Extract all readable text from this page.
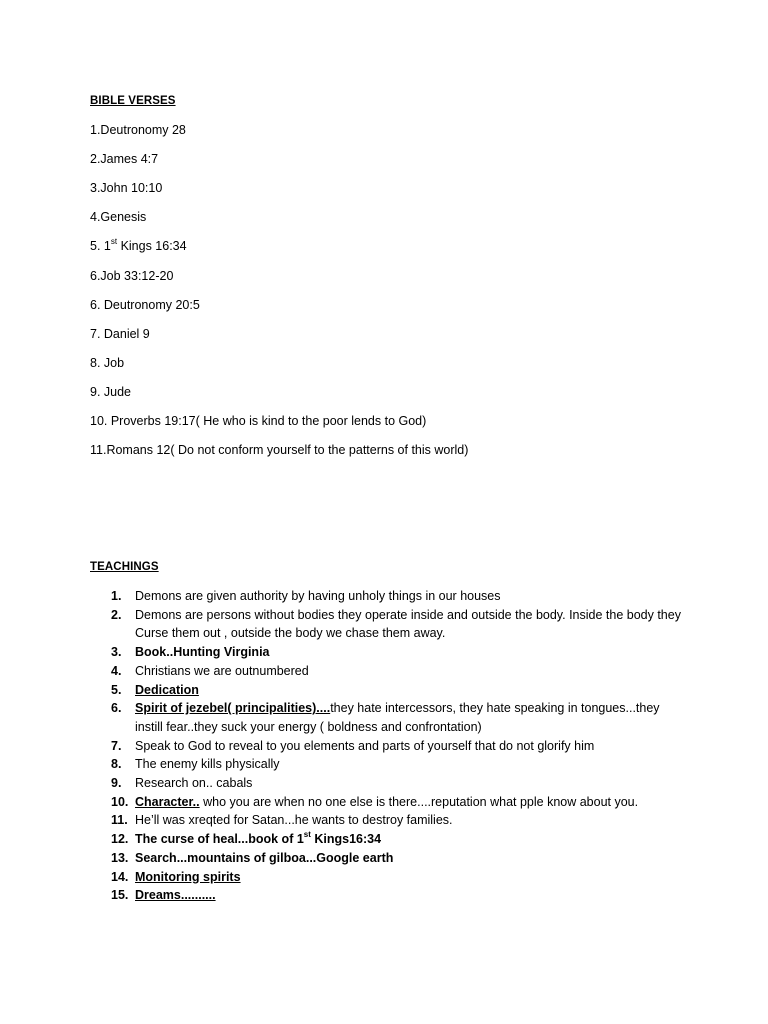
BIBLE VERSES
1.Deutronomy 28
2.James 4:7
3.John 10:10
4.Genesis
5. 1st Kings 16:34
6.Job 33:12-20
6. Deutronomy 20:5
7. Daniel 9
8. Job
9. Jude
10. Proverbs 19:17( He who is kind to the poor lends to God)
11.Romans 12( Do not conform yourself to the patterns of this world)
TEACHINGS
1. Demons are given authority by having unholy things in our houses
2. Demons are persons without bodies they operate inside and outside the body. Inside the body they Curse them out , outside the body we chase them away.
3. Book..Hunting Virginia
4. Christians we are outnumbered
5. Dedication
6. Spirit of jezebel( principalities)....they hate intercessors, they hate speaking in tongues...they instill fear..they suck your energy ( boldness and confrontation)
7. Speak to God to reveal to you elements and parts of yourself that do not glorify him
8. The enemy kills physically
9. Research on.. cabals
10. Character.. who you are when no one else is there....reputation what pple know about you.
11. He’ll was xreqted for Satan...he wants to destroy families.
12. The curse of heal...book of 1st Kings16:34
13. Search...mountains of gilboa...Google earth
14. Monitoring spirits
15. Dreams..........
